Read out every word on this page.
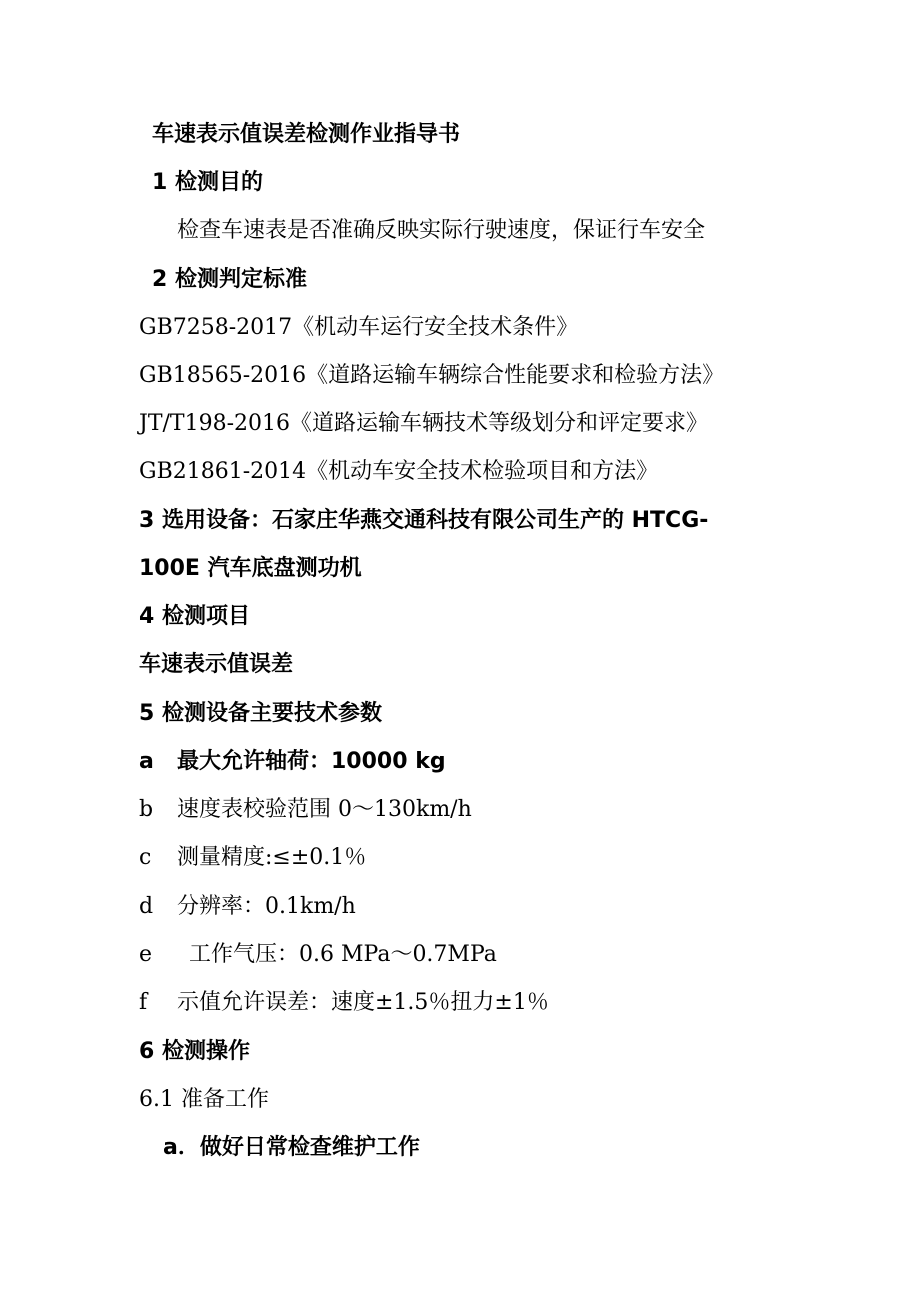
车速表示值误差检测作业指导书
1 检测目的
检查车速表是否准确反映实际行驶速度，保证行车安全
2 检测判定标准
GB7258-2017《机动车运行安全技术条件》
GB18565-2016《道路运输车辆综合性能要求和检验方法》
JT/T198-2016《道路运输车辆技术等级划分和评定要求》
GB21861-2014《机动车安全技术检验项目和方法》
3 选用设备：石家庄华燕交通科技有限公司生产的 HTCG-
100E 汽车底盘测功机
4 检测项目
车速表示值误差
5 检测设备主要技术参数
a 最大允许轴荷：10000 kg
b 速度表校验范围 0～130km/h
c 测量精度:≤±0.1％
d 分辨率：0.1km/h
e 工作气压：0.6 MPa～0.7MPa
f 示值允许误差：速度±1.5％扭力±1％
6 检测操作
6.1 准备工作
a．做好日常检查维护工作
